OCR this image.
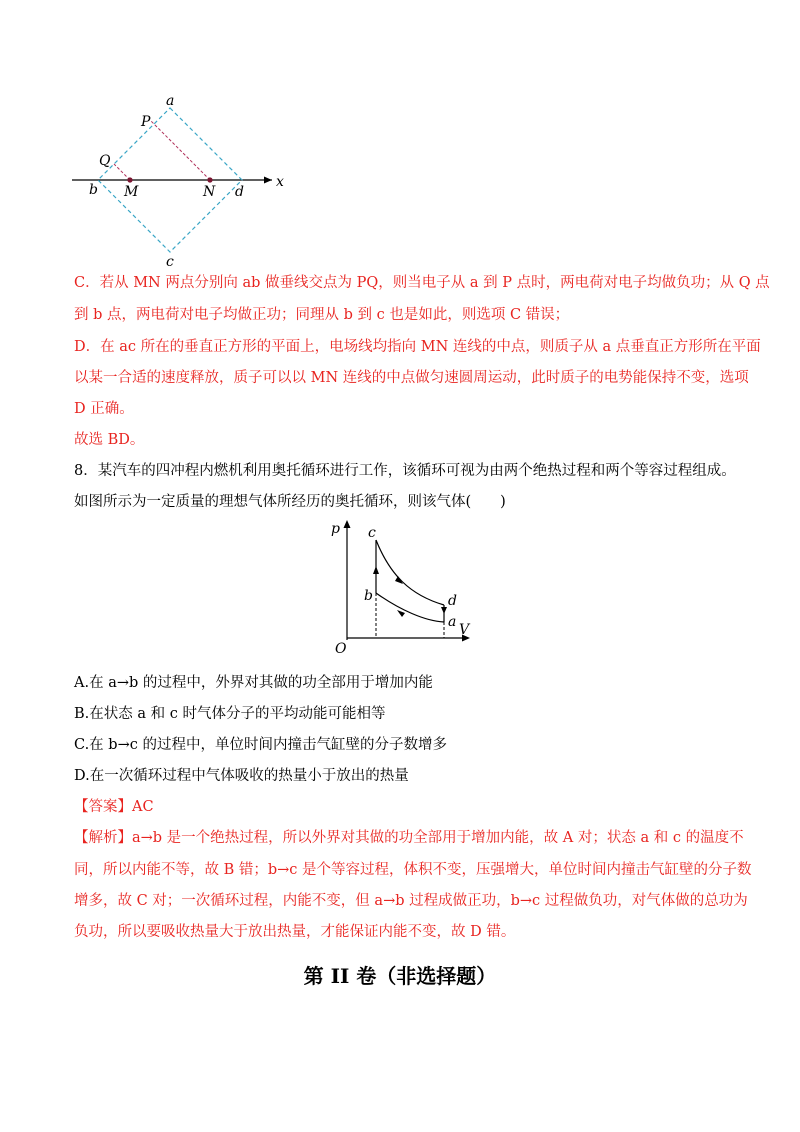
a
P
Q
b M	N d
x
c
C．若从 MN 两点分别向 ab 做垂线交点为 PQ，则当电子从 a 到 P 点时，两电荷对电子均做负功；从 Q 点
到 b 点，两电荷对电子均做正功；同理从 b 到 c 也是如此，则选项 C 错误；
D．在 ac 所在的垂直正方形的平面上，电场线均指向 MN 连线的中点，则质子从 a 点垂直正方形所在平面
以某一合适的速度释放，质子可以以 MN 连线的中点做匀速圆周运动，此时质子的电势能保持不变，选项
D 正确。
故选 BD。
8．某汽车的四冲程内燃机利用奥托循环进行工作，该循环可视为由两个绝热过程和两个等容过程组成。
如图所示为一定质量的理想气体所经历的奥托循环，则该气体(　　)
p c
b	d
a V
O
A.在 a→b 的过程中，外界对其做的功全部用于增加内能
B.在状态 a 和 c 时气体分子的平均动能可能相等
C.在 b→c 的过程中，单位时间内撞击气缸壁的分子数增多
D.在一次循环过程中气体吸收的热量小于放出的热量
【答案】AC
【解析】a→b 是一个绝热过程，所以外界对其做的功全部用于增加内能，故 A 对；状态 a 和 c 的温度不
同，所以内能不等，故 B 错；b→c 是个等容过程，体积不变，压强增大，单位时间内撞击气缸壁的分子数
增多，故 C 对；一次循环过程，内能不变，但 a→b 过程成做正功，b→c 过程做负功，对气体做的总功为
负功，所以要吸收热量大于放出热量，才能保证内能不变，故 D 错。
第 II 卷（非选择题）
